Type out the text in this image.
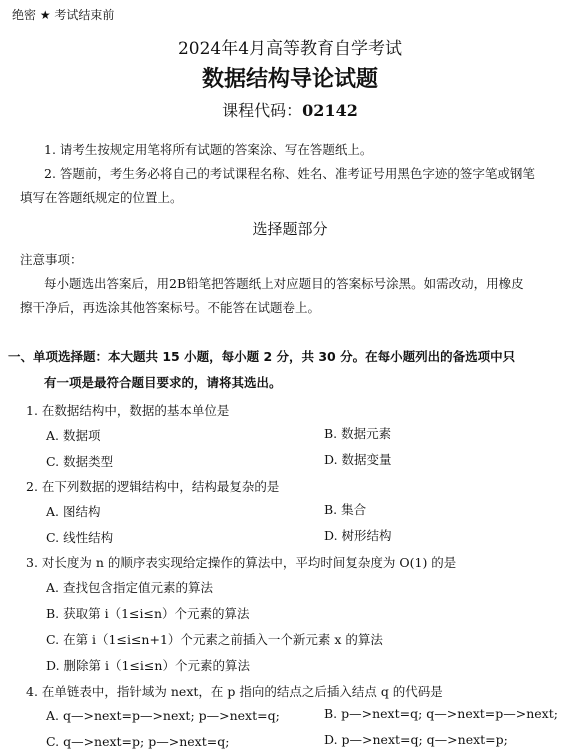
绝密 ★ 考试结束前
2024年4月高等教育自学考试
数据结构导论试题
课程代码：02142
1. 请考生按规定用笔将所有试题的答案涂、写在答题纸上。
2. 答题前，考生务必将自己的考试课程名称、姓名、准考证号用黑色字迹的签字笔或钢笔
填写在答题纸规定的位置上。
选择题部分
注意事项：
每小题选出答案后，用2B铅笔把答题纸上对应题目的答案标号涂黑。如需改动，用橡皮
擦干净后，再选涂其他答案标号。不能答在试题卷上。
一、单项选择题：本大题共 15 小题，每小题 2 分，共 30 分。在每小题列出的备选项中只
有一项是最符合题目要求的，请将其选出。
1. 在数据结构中，数据的基本单位是
A. 数据项	B. 数据元素
C. 数据类型	D. 数据变量
2. 在下列数据的逻辑结构中，结构最复杂的是
A. 图结构	B. 集合
C. 线性结构	D. 树形结构
3. 对长度为 n 的顺序表实现给定操作的算法中，平均时间复杂度为 O(1) 的是
A. 查找包含指定值元素的算法
B. 获取第 i（1≤i≤n）个元素的算法
C. 在第 i（1≤i≤n+1）个元素之前插入一个新元素 x 的算法
D. 删除第 i（1≤i≤n）个元素的算法
4. 在单链表中，指针域为 next，在 p 指向的结点之后插入结点 q 的代码是
A. q—>next=p—>next; p—>next=q;	B. p—>next=q; q—>next=p—>next;
C. q—>next=p; p—>next=q;	D. p—>next=q; q—>next=p;
